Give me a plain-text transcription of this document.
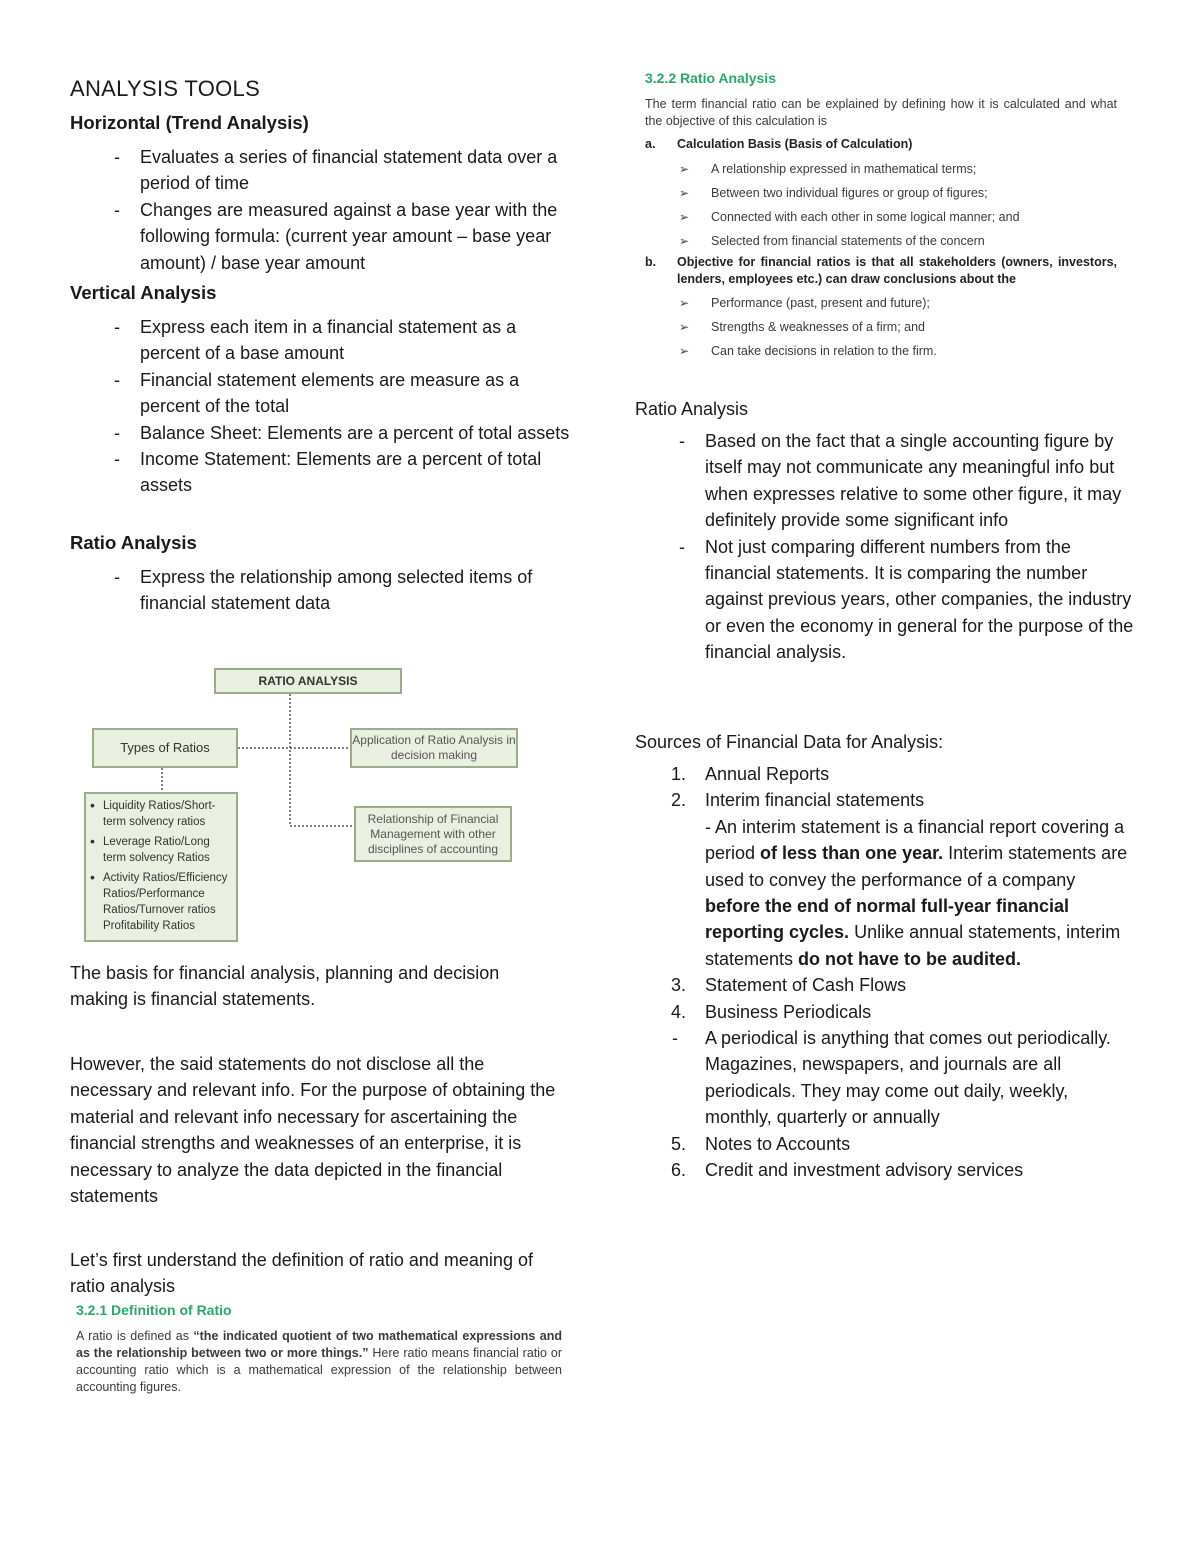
ANALYSIS TOOLS
Horizontal (Trend Analysis)
- Evaluates a series of financial statement data over a period of time
- Changes are measured against a base year with the following formula: (current year amount – base year amount) / base year amount
Vertical Analysis
- Express each item in a financial statement as a percent of a base amount
- Financial statement elements are measure as a percent of the total
- Balance Sheet: Elements are a percent of total assets
- Income Statement: Elements are a percent of total assets
Ratio Analysis
- Express the relationship among selected items of financial statement data
RATIO ANALYSIS
Types of Ratios	Application of Ratio Analysis in decision making
Relationship of Financial Management with other disciplines of accounting
• Liquidity Ratios/Short-term solvency ratios
• Leverage Ratio/Long term solvency Ratios
• Activity Ratios/Efficiency Ratios/Performance Ratios/Turnover ratios
Profitability Ratios
The basis for financial analysis, planning and decision making is financial statements.
However, the said statements do not disclose all the necessary and relevant info. For the purpose of obtaining the material and relevant info necessary for ascertaining the financial strengths and weaknesses of an enterprise, it is necessary to analyze the data depicted in the financial statements
Let’s first understand the definition of ratio and meaning of ratio analysis
3.2.1 Definition of Ratio
A ratio is defined as “the indicated quotient of two mathematical expressions and as the relationship between two or more things.” Here ratio means financial ratio or accounting ratio which is a mathematical expression of the relationship between accounting figures.
3.2.2 Ratio Analysis
The term financial ratio can be explained by defining how it is calculated and what the objective of this calculation is
a. Calculation Basis (Basis of Calculation)
➢ A relationship expressed in mathematical terms;
➢ Between two individual figures or group of figures;
➢ Connected with each other in some logical manner; and
➢ Selected from financial statements of the concern
b. Objective for financial ratios is that all stakeholders (owners, investors, lenders, employees etc.) can draw conclusions about the
➢ Performance (past, present and future);
➢ Strengths & weaknesses of a firm; and
➢ Can take decisions in relation to the firm.
Ratio Analysis
- Based on the fact that a single accounting figure by itself may not communicate any meaningful info but when expresses relative to some other figure, it may definitely provide some significant info
- Not just comparing different numbers from the financial statements. It is comparing the number against previous years, other companies, the industry or even the economy in general for the purpose of the financial analysis.
Sources of Financial Data for Analysis:
1. Annual Reports
2. Interim financial statements
- An interim statement is a financial report covering a period of less than one year. Interim statements are used to convey the performance of a company before the end of normal full-year financial reporting cycles. Unlike annual statements, interim statements do not have to be audited.
3. Statement of Cash Flows
4. Business Periodicals
- A periodical is anything that comes out periodically. Magazines, newspapers, and journals are all periodicals. They may come out daily, weekly, monthly, quarterly or annually
5. Notes to Accounts
6. Credit and investment advisory services
